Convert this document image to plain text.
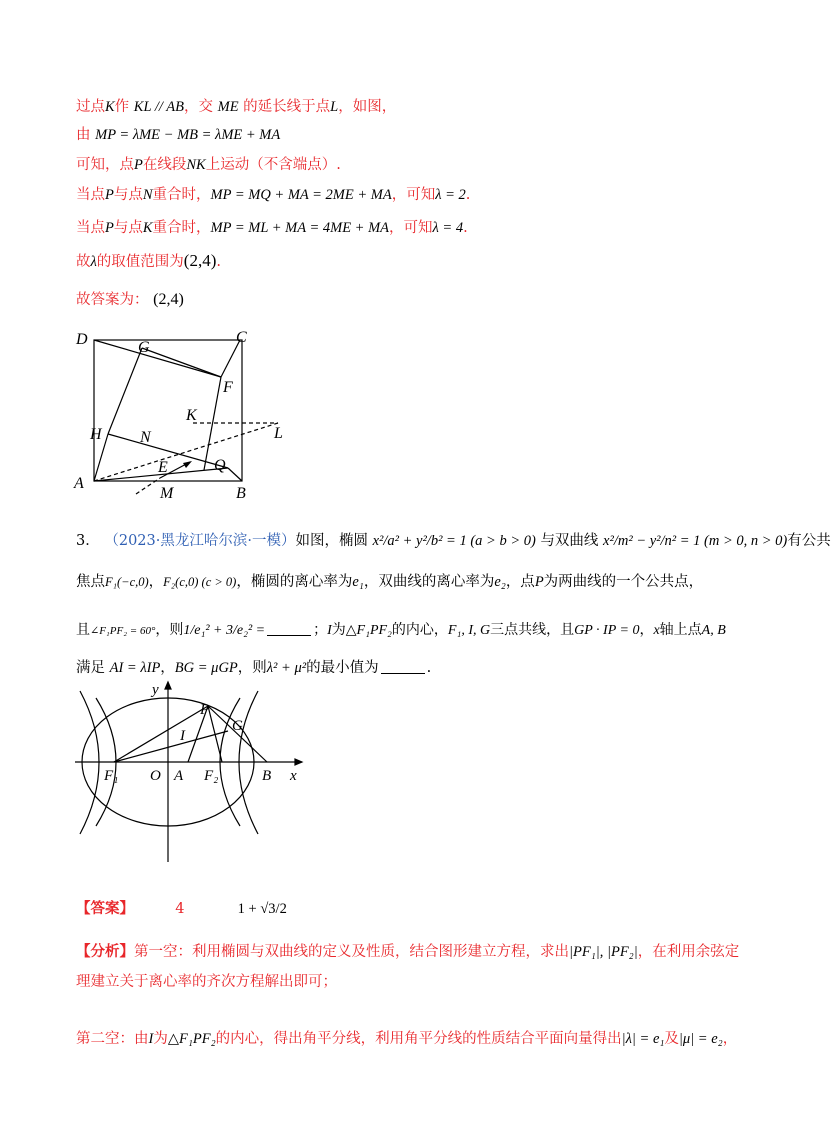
过点K作 KL // AB，交 ME 的延长线于点L，如图，
由 MP = λME − MB = λME + MA
可知，点P在线段NK上运动（不含端点）.
当点P与点N重合时，MP = MQ + MA = 2ME + MA，可知λ = 2.
当点P与点K重合时，MP = ML + MA = 4ME + MA，可知λ = 4.
故λ的取值范围为(2,4).
故答案为： (2,4)
D	C
G
F
K
H N	L
E	Q
A
B
M
3． （2023·黑龙江哈尔滨·一模）如图，椭圆 x²/a² + y²/b² = 1 (a > b > 0) 与双曲线 x²/m² − y²/n² = 1 (m > 0, n > 0)有公共
焦点F₁(−c,0)，F₂(c,0) (c > 0)，椭圆的离心率为e₁，双曲线的离心率为e₂，点P为两曲线的一个公共点，
且∠F₁PF₂ = 60°，则1/e₁² + 3/e₂² =	；I为△F₁PF₂的内心，F₁, I, G三点共线，且GP · IP = 0，x轴上点A, B
满足 AI = λIP，BG = μGP，则λ² + μ²的最小值为	.
y
x
P
G
I
F₁ O A F₂	B
【答案】	4	1 + √3/2
【分析】第一空：利用椭圆与双曲线的定义及性质，结合图形建立方程，求出|PF₁|, |PF₂|，在利用余弦定
理建立关于离心率的齐次方程解出即可；
第二空：由I为△F₁PF₂的内心，得出角平分线，利用角平分线的性质结合平面向量得出|λ| = e₁及|μ| = e₂，
